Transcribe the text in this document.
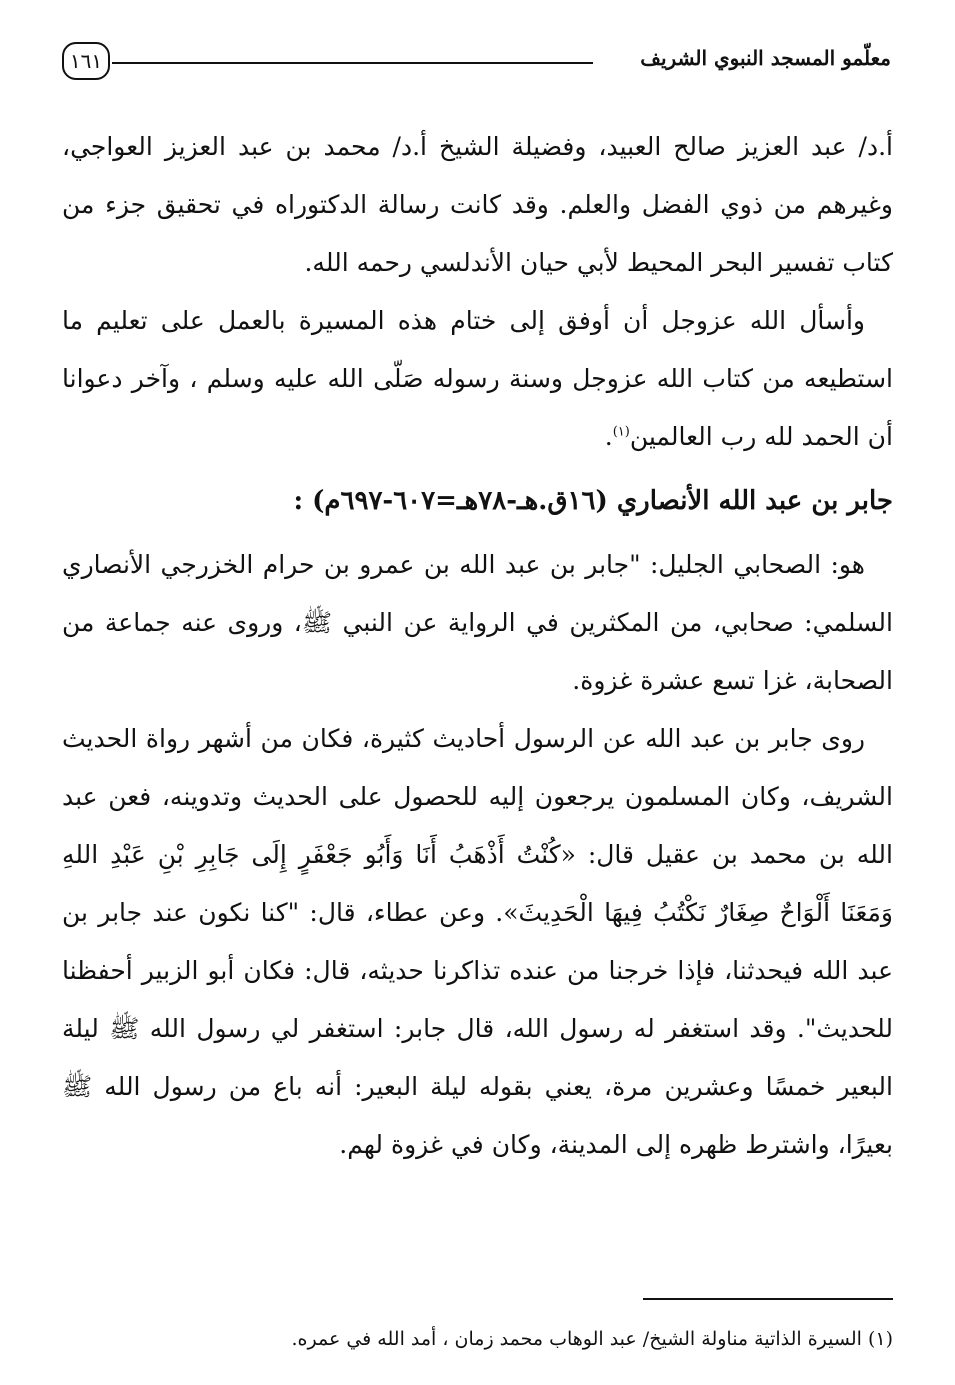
معلّمو المسجد النبوي الشريف
١٦١

أ.د/ عبد العزيز صالح العبيد، وفضيلة الشيخ أ.د/ محمد بن عبد العزيز العواجي، وغيرهم من ذوي الفضل والعلم. وقد كانت رسالة الدكتوراه في تحقيق جزء من كتاب تفسير البحر المحيط لأبي حيان الأندلسي رحمه الله.

وأسأل الله عزوجل أن أوفق إلى ختام هذه المسيرة بالعمل على تعليم ما استطيعه من كتاب الله عزوجل وسنة رسوله صَلّى الله عليه وسلم ، وآخر دعوانا أن الحمد لله رب العالمين$^{(١)}$.

جابر بن عبد الله الأنصاري (١٦ق.هـ-٧٨هـ=٦٠٧-٦٩٧م) :

هو: الصحابي الجليل: "جابر بن عبد الله بن عمرو بن حرام الخزرجي الأنصاري السلمي: صحابي، من المكثرين في الرواية عن النبي ﷺ، وروى عنه جماعة من الصحابة، غزا تسع عشرة غزوة.

روى جابر بن عبد الله عن الرسول أحاديث كثيرة، فكان من أشهر رواة الحديث الشريف، وكان المسلمون يرجعون إليه للحصول على الحديث وتدوينه، فعن عبد الله بن محمد بن عقيل قال: «كُنْتُ أَذْهَبُ أَنَا وَأَبُو جَعْفَرٍ إِلَى جَابِرِ بْنِ عَبْدِ اللهِ وَمَعَنَا أَلْوَاحٌ صِغَارٌ نَكْتُبُ فِيهَا الْحَدِيثَ». وعن عطاء، قال: "كنا نكون عند جابر بن عبد الله فيحدثنا، فإذا خرجنا من عنده تذاكرنا حديثه، قال: فكان أبو الزبير أحفظنا للحديث". وقد استغفر له رسول الله، قال جابر: استغفر لي رسول الله ﷺ ليلة البعير خمسًا وعشرين مرة، يعني بقوله ليلة البعير: أنه باع من رسول الله ﷺ بعيرًا، واشترط ظهره إلى المدينة، وكان في غزوة لهم.

(١) السيرة الذاتية مناولة الشيخ/ عبد الوهاب محمد زمان ، أمد الله في عمره.
